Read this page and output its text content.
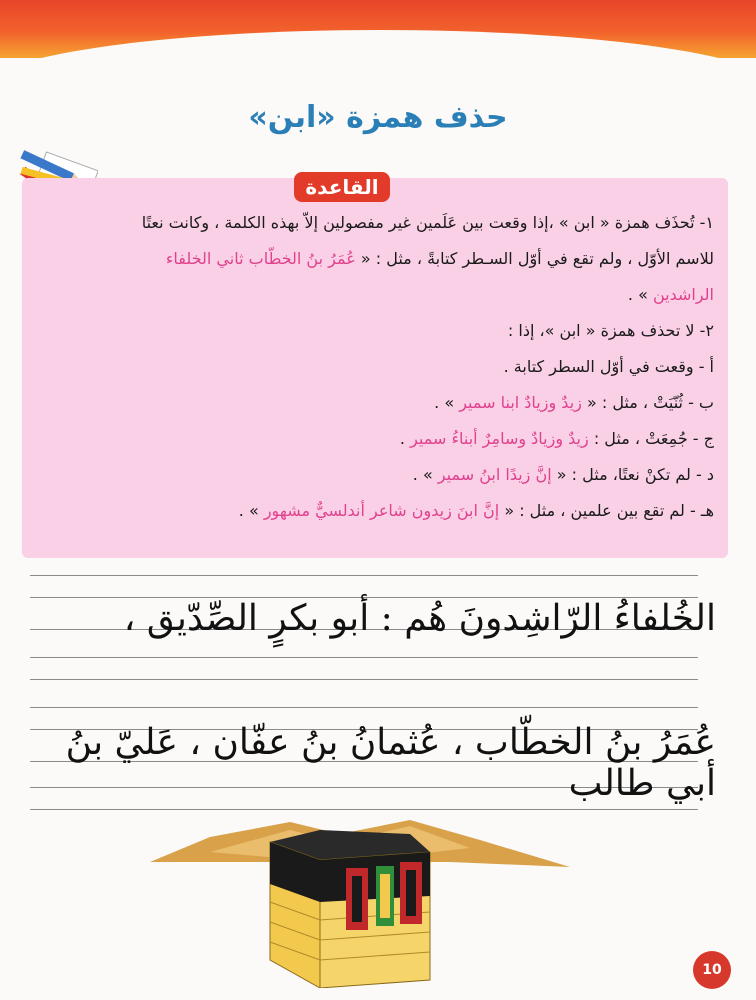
حذف همزة «ابن»
القاعدة

١- تُحذَف همزة « ابن » ،إذا وقعت بين عَلَمين غير مفصولين إلاّ بهذه الكلمة ، وكانت نعتًا

للاسم الأوّل ، ولم تقع في أوّل السـطر كتابةً ، مثل : « عُمَرُ بنُ الخطّاب ثاني الخلفاء

الراشدين » .

٢- لا تحذف همزة « ابن »، إذا :

أ - وقعت في أوّل السطر كتابة .

ب - ثُنّيَتْ ، مثل : « زيدٌ وزيادٌ ابنا سمير » .

ج - جُمِعَتْ ، مثل : زيدٌ وزيادٌ وسامِرٌ أبناءُ سمير .

د - لم تكنْ نعتًا، مثل : « إنَّ زيدًا ابنُ سمير » .

هـ - لم تقع بين علمين ، مثل : « إنَّ ابنَ زيدون شاعر أندلسيٌّ مشهور » .

الخُلفاءُ الرّاشِدونَ هُم : أبو بكرٍ الصِّدّيق ،
عُمَرُ بنُ الخطّاب ، عُثمانُ بنُ عفّان ، عَليّ بنُ أبي طالب
10
